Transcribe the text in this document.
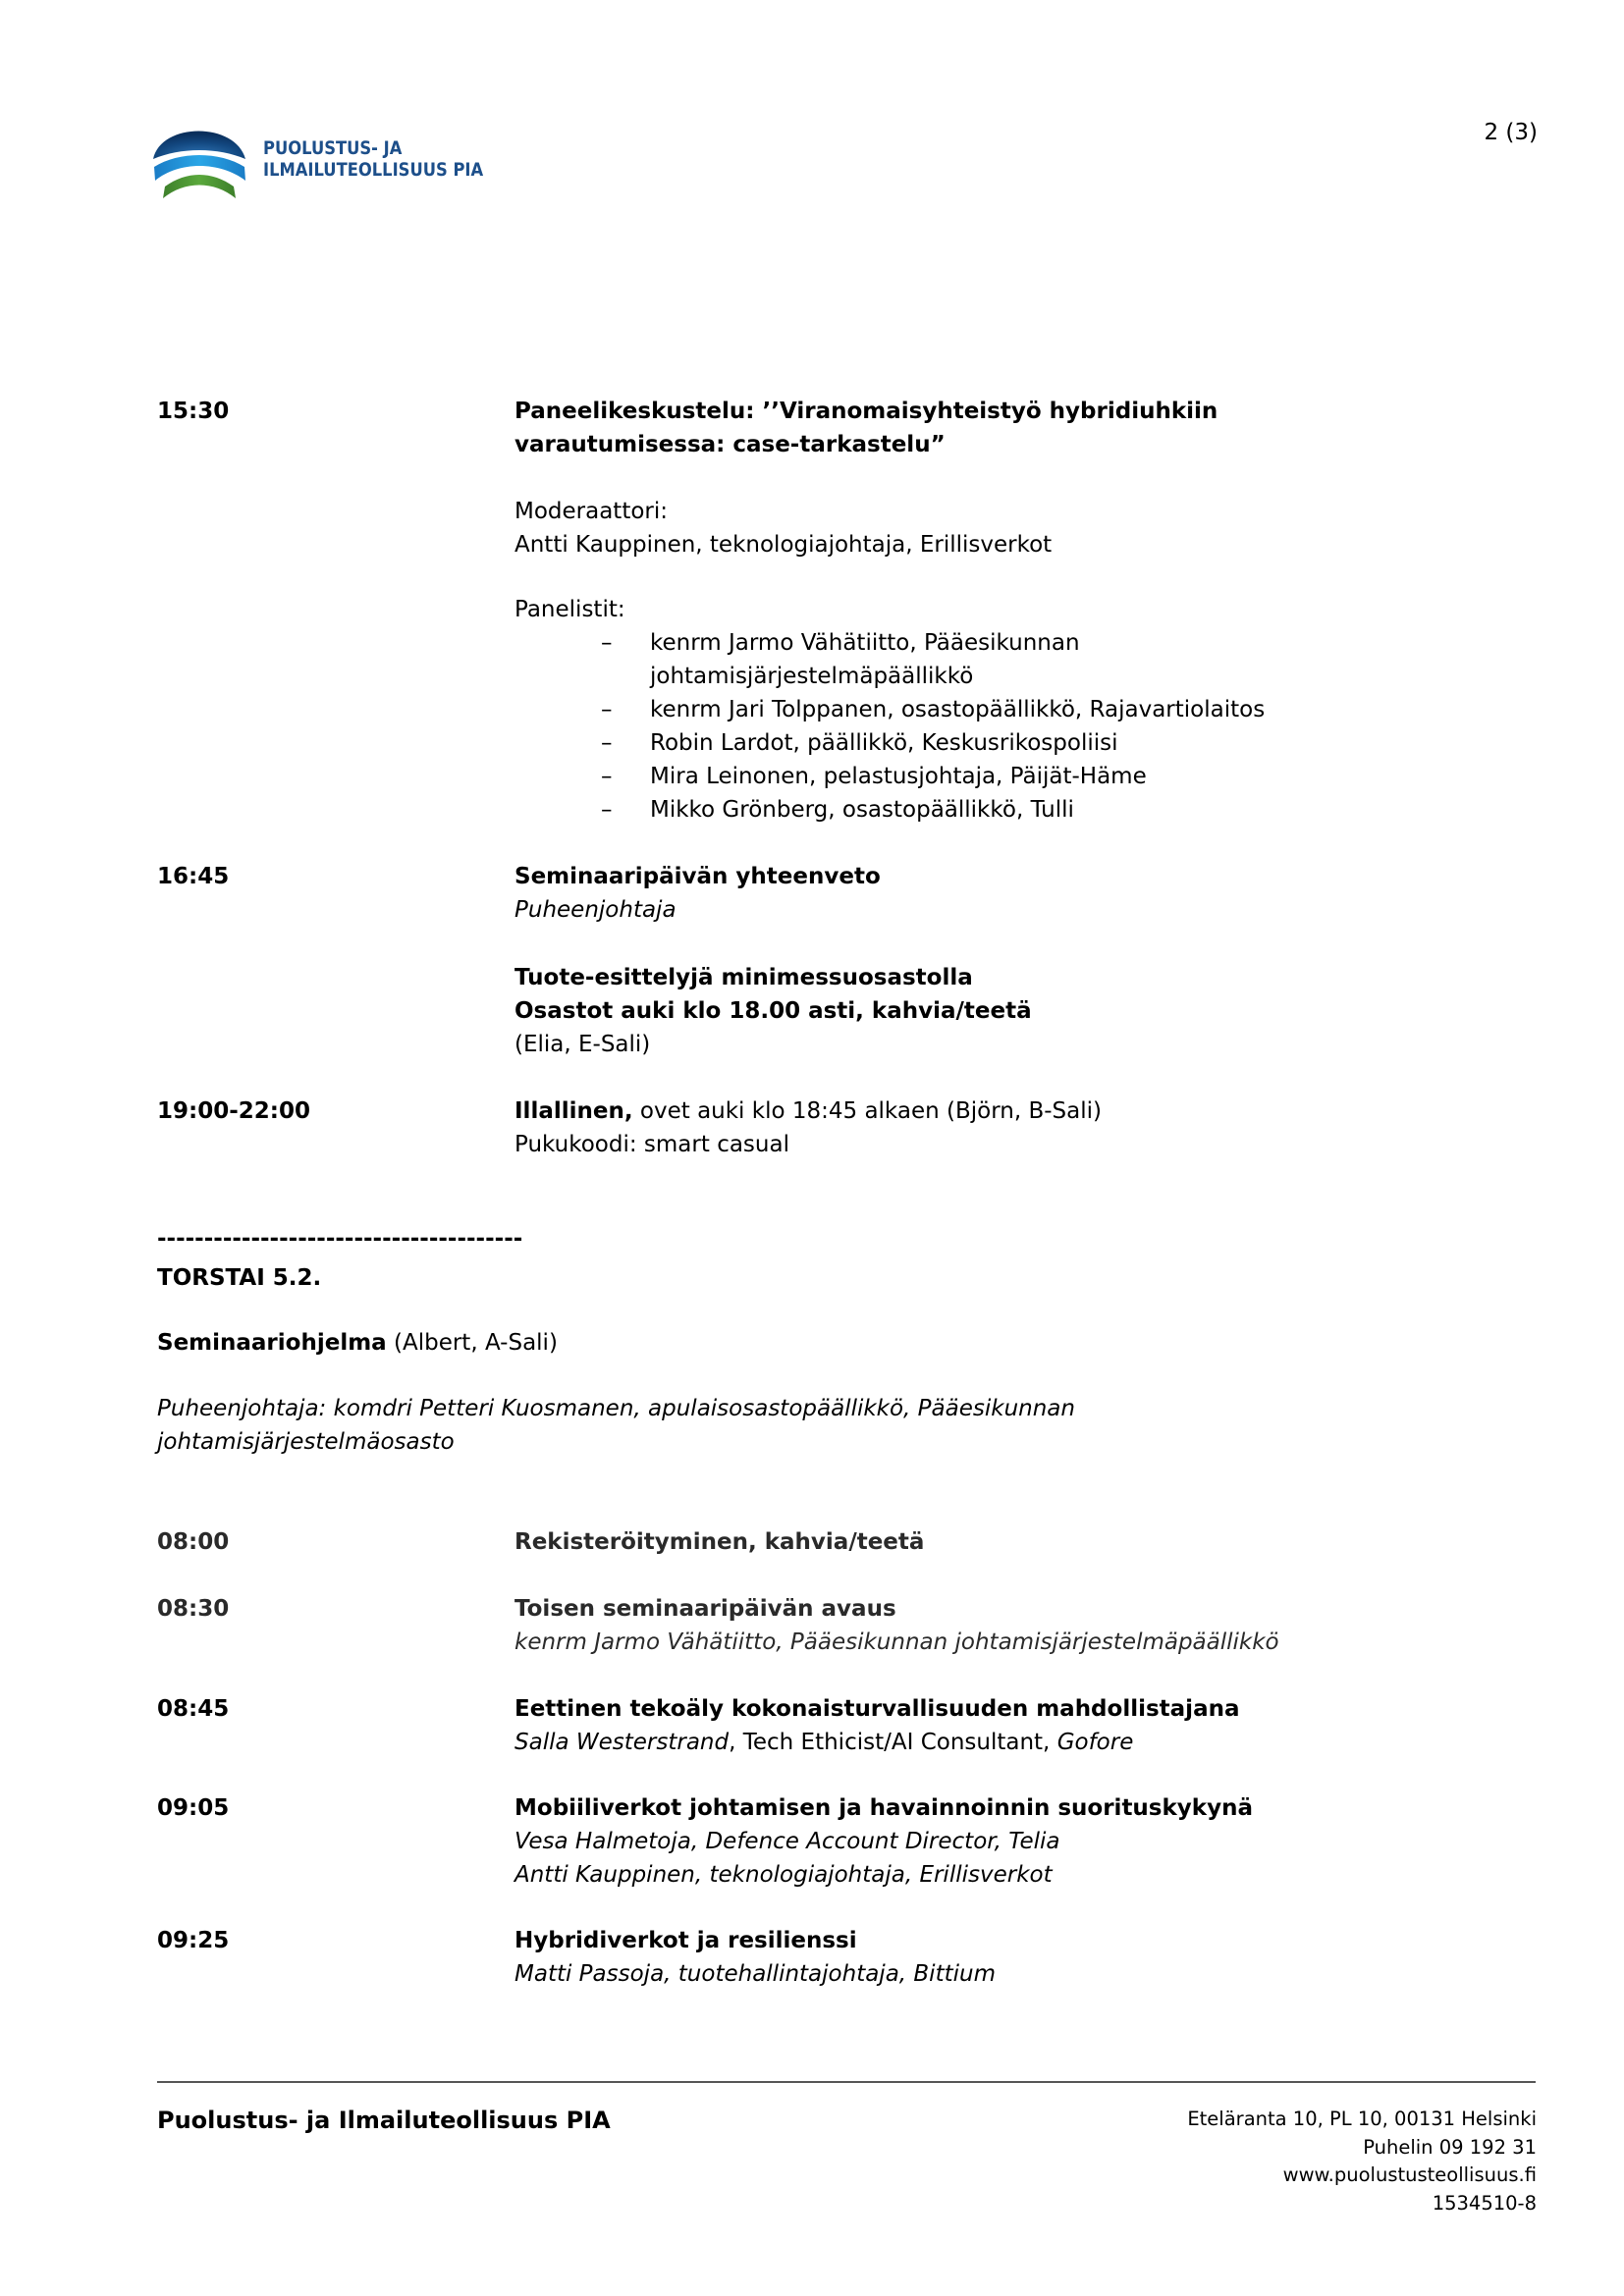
PUOLUSTUS- JA
ILMAILUTEOLLISUUS PIA
2 (3)
15:30	Paneelikeskustelu: ’’Viranomaisyhteistyö hybridiuhkiin
varautumisessa: case-tarkastelu”
Moderaattori:
Antti Kauppinen, teknologiajohtaja, Erillisverkot
Panelistit:
– kenrm Jarmo Vähätiitto, Pääesikunnan
johtamisjärjestelmäpäällikkö
– kenrm Jari Tolppanen, osastopäällikkö, Rajavartiolaitos
– Robin Lardot, päällikkö, Keskusrikospoliisi
– Mira Leinonen, pelastusjohtaja, Päijät-Häme
– Mikko Grönberg, osastopäällikkö, Tulli
16:45	Seminaaripäivän yhteenveto
Puheenjohtaja
Tuote-esittelyjä minimessuosastolla
Osastot auki klo 18.00 asti, kahvia/teetä
(Elia, E-Sali)
19:00-22:00	Illallinen, ovet auki klo 18:45 alkaen (Björn, B-Sali)
Pukukoodi: smart casual
---------------------------------------
TORSTAI 5.2.
Seminaariohjelma (Albert, A-Sali)
Puheenjohtaja: komdri Petteri Kuosmanen, apulaisosastopäällikkö, Pääesikunnan
johtamisjärjestelmäosasto
08:00	Rekisteröityminen, kahvia/teetä
08:30	Toisen seminaaripäivän avaus
kenrm Jarmo Vähätiitto, Pääesikunnan johtamisjärjestelmäpäällikkö
08:45	Eettinen tekoäly kokonaisturvallisuuden mahdollistajana
Salla Westerstrand, Tech Ethicist/AI Consultant, Gofore
09:05	Mobiiliverkot johtamisen ja havainnoinnin suorituskykynä
Vesa Halmetoja, Defence Account Director, Telia
Antti Kauppinen, teknologiajohtaja, Erillisverkot
09:25	Hybridiverkot ja resilienssi
Matti Passoja, tuotehallintajohtaja, Bittium
Puolustus- ja Ilmailuteollisuus PIA	Eteläranta 10, PL 10, 00131 Helsinki
Puhelin 09 192 31
www.puolustusteollisuus.fi
1534510-8
